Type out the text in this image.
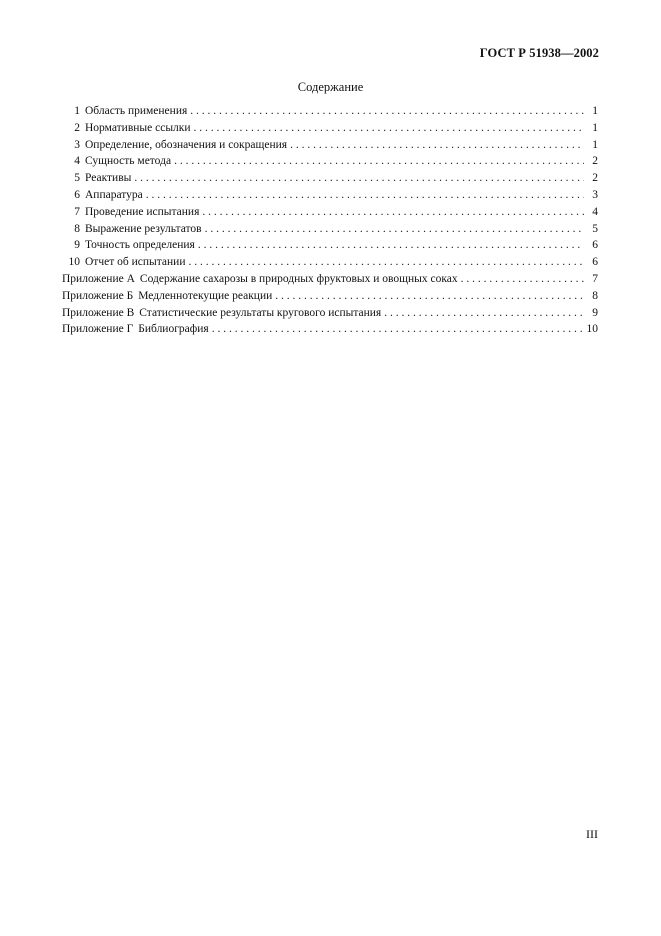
ГОСТ Р 51938—2002
Содержание
1 Область применения . . .	1
2 Нормативные ссылки . . .	1
3 Определение, обозначения и сокращения . . .	1
4 Сущность метода . . .	2
5 Реактивы . . .	2
6 Аппаратура . . .	3
7 Проведение испытания . . .	4
8 Выражение результатов . . .	5
9 Точность определения . . .	6
10 Отчет об испытании . . .	6
Приложение А Содержание сахарозы в природных фруктовых и овощных соках . . .	7
Приложение Б Медленнотекущие реакции . . .	8
Приложение В Статистические результаты кругового испытания . . .	9
Приложение Г Библиография . . .	10
III
